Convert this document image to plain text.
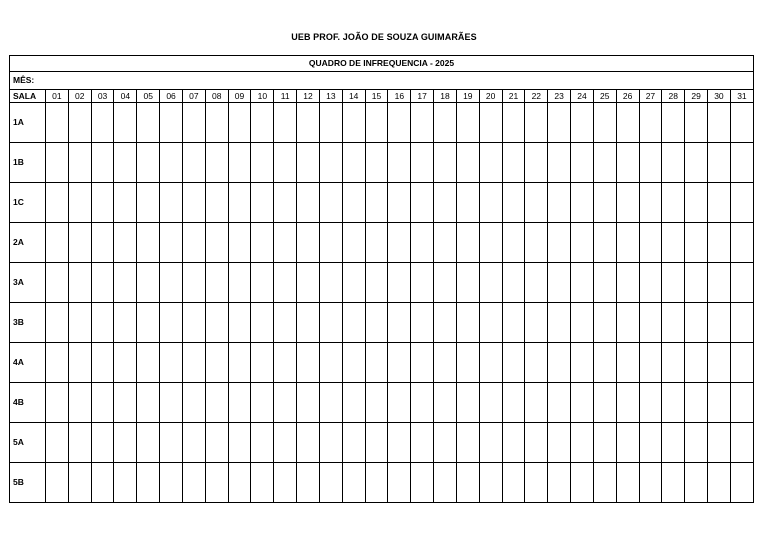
UEB PROF. JOÃO DE SOUZA GUIMARÃES
QUADRO DE INFREQUENCIA - 2025																															
MÊS:																															
SALA	01	02	03	04	05	06	07	08	09	10	11	12	13	14	15	16	17	18	19	20	21	22	23	24	25	26	27	28	29	30	31
1A																															
1B																															
1C																															
2A																															
3A																															
3B																															
4A																															
4B																															
5A																															
5B																															
